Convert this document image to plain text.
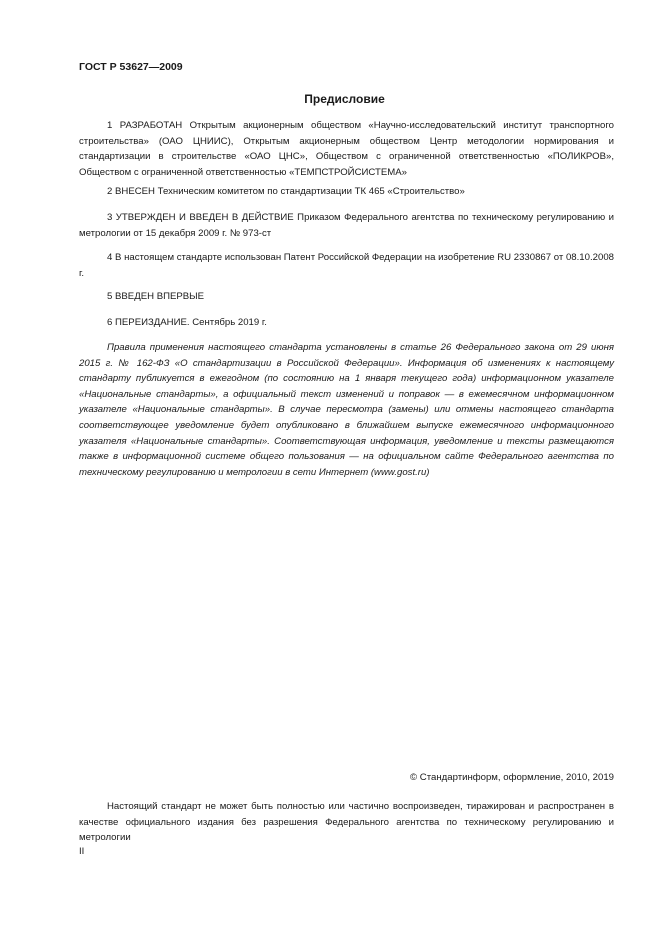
ГОСТ Р 53627—2009

Предисловие

1 РАЗРАБОТАН Открытым акционерным обществом «Научно-исследовательский институт транспортного строительства» (ОАО ЦНИИС), Открытым акционерным обществом Центр методологии нормирования и стандартизации в строительстве «ОАО ЦНС», Обществом с ограниченной ответственностью «ПОЛИКРОВ», Обществом с ограниченной ответственностью «ТЕМПСТРОЙСИСТЕМА»

2 ВНЕСЕН Техническим комитетом по стандартизации ТК 465 «Строительство»

3 УТВЕРЖДЕН И ВВЕДЕН В ДЕЙСТВИЕ Приказом Федерального агентства по техническому регулированию и метрологии от 15 декабря 2009 г. № 973-ст

4 В настоящем стандарте использован Патент Российской Федерации на изобретение RU 2330867 от 08.10.2008 г.

5 ВВЕДЕН ВПЕРВЫЕ

6 ПЕРЕИЗДАНИЕ. Сентябрь 2019 г.

Правила применения настоящего стандарта установлены в статье 26 Федерального закона от 29 июня 2015 г. № 162-ФЗ «О стандартизации в Российской Федерации». Информация об изменениях к настоящему стандарту публикуется в ежегодном (по состоянию на 1 января текущего года) информационном указателе «Национальные стандарты», а официальный текст изменений и поправок — в ежемесячном информационном указателе «Национальные стандарты». В случае пересмотра (замены) или отмены настоящего стандарта соответствующее уведомление будет опубликовано в ближайшем выпуске ежемесячного информационного указателя «Национальные стандарты». Соответствующая информация, уведомление и тексты размещаются также в информационной системе общего пользования — на официальном сайте Федерального агентства по техническому регулированию и метрологии в сети Интернет (www.gost.ru)

© Стандартинформ, оформление, 2010, 2019

Настоящий стандарт не может быть полностью или частично воспроизведен, тиражирован и распространен в качестве официального издания без разрешения Федерального агентства по техническому регулированию и метрологии

II
